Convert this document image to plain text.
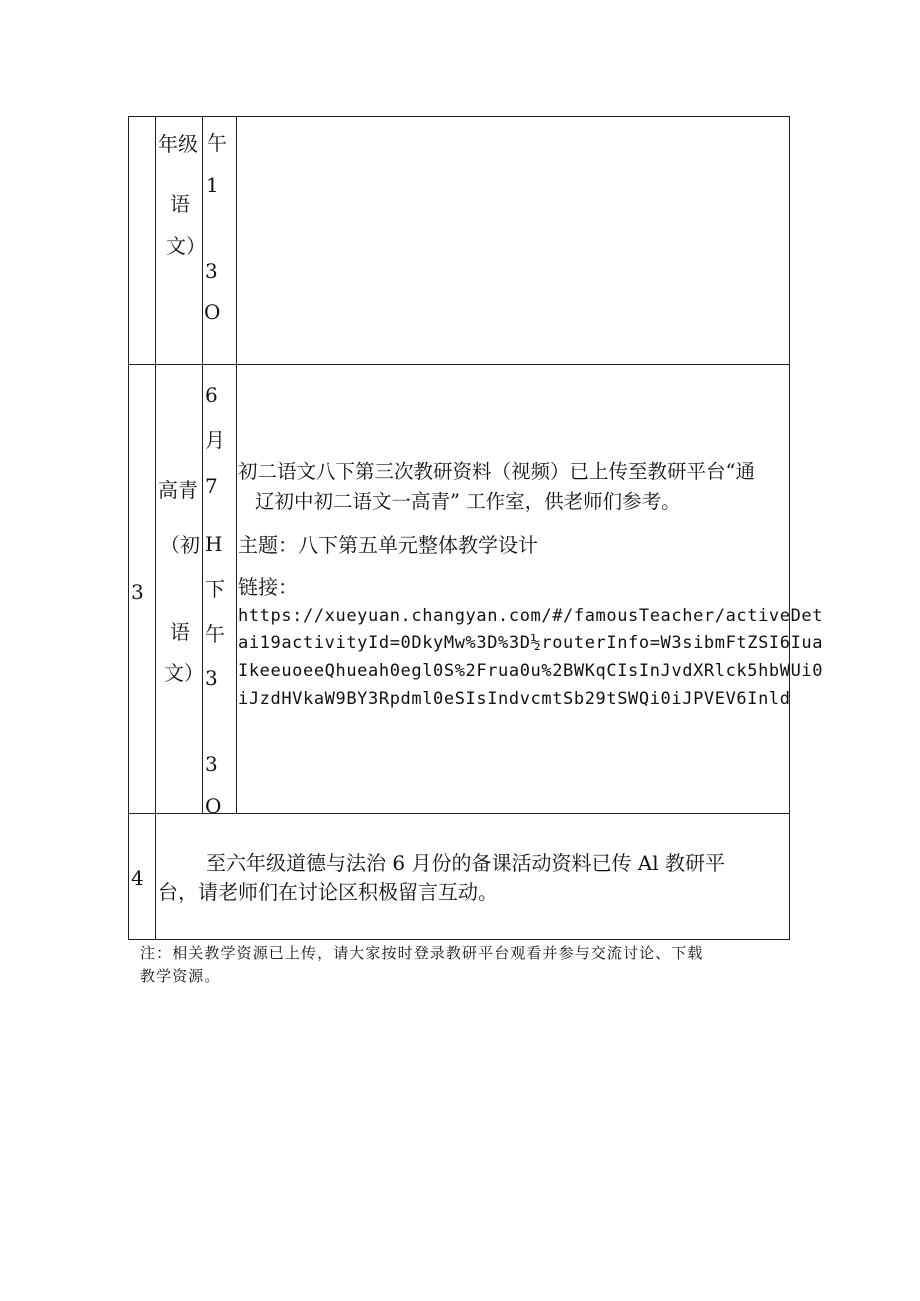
年级
语
文）
午
1
3
O
3
高青
（初
语
文）
6
月
7
H
下
午
3
3
O
初二语文八下第三次教研资料（视频）已上传至教研平台“通
辽初中初二语文一高青” 工作室，供老师们参考。
主题：八下第五单元整体教学设计
链接：
https://xueyuan.changyan.com/#/famousTeacher/activeDet
ai19activityId=0DkyMw%3D%3D½routerInfo=W3sibmFtZSI6Iua
IkeeuoeeQhueah0egl0S%2Frua0u%2BWKqCIsInJvdXRlck5hbWUi0
iJzdHVkaW9BY3Rpdml0eSIsIndvcmtSb29tSWQi0iJPVEV6Inld
4
至六年级道德与法治 6 月份的备课活动资料已传 Al 教研平
台，请老师们在讨论区积极留言互动。
注：相关教学资源已上传，请大家按时登录教研平台观看并参与交流讨论、下载
教学资源。
